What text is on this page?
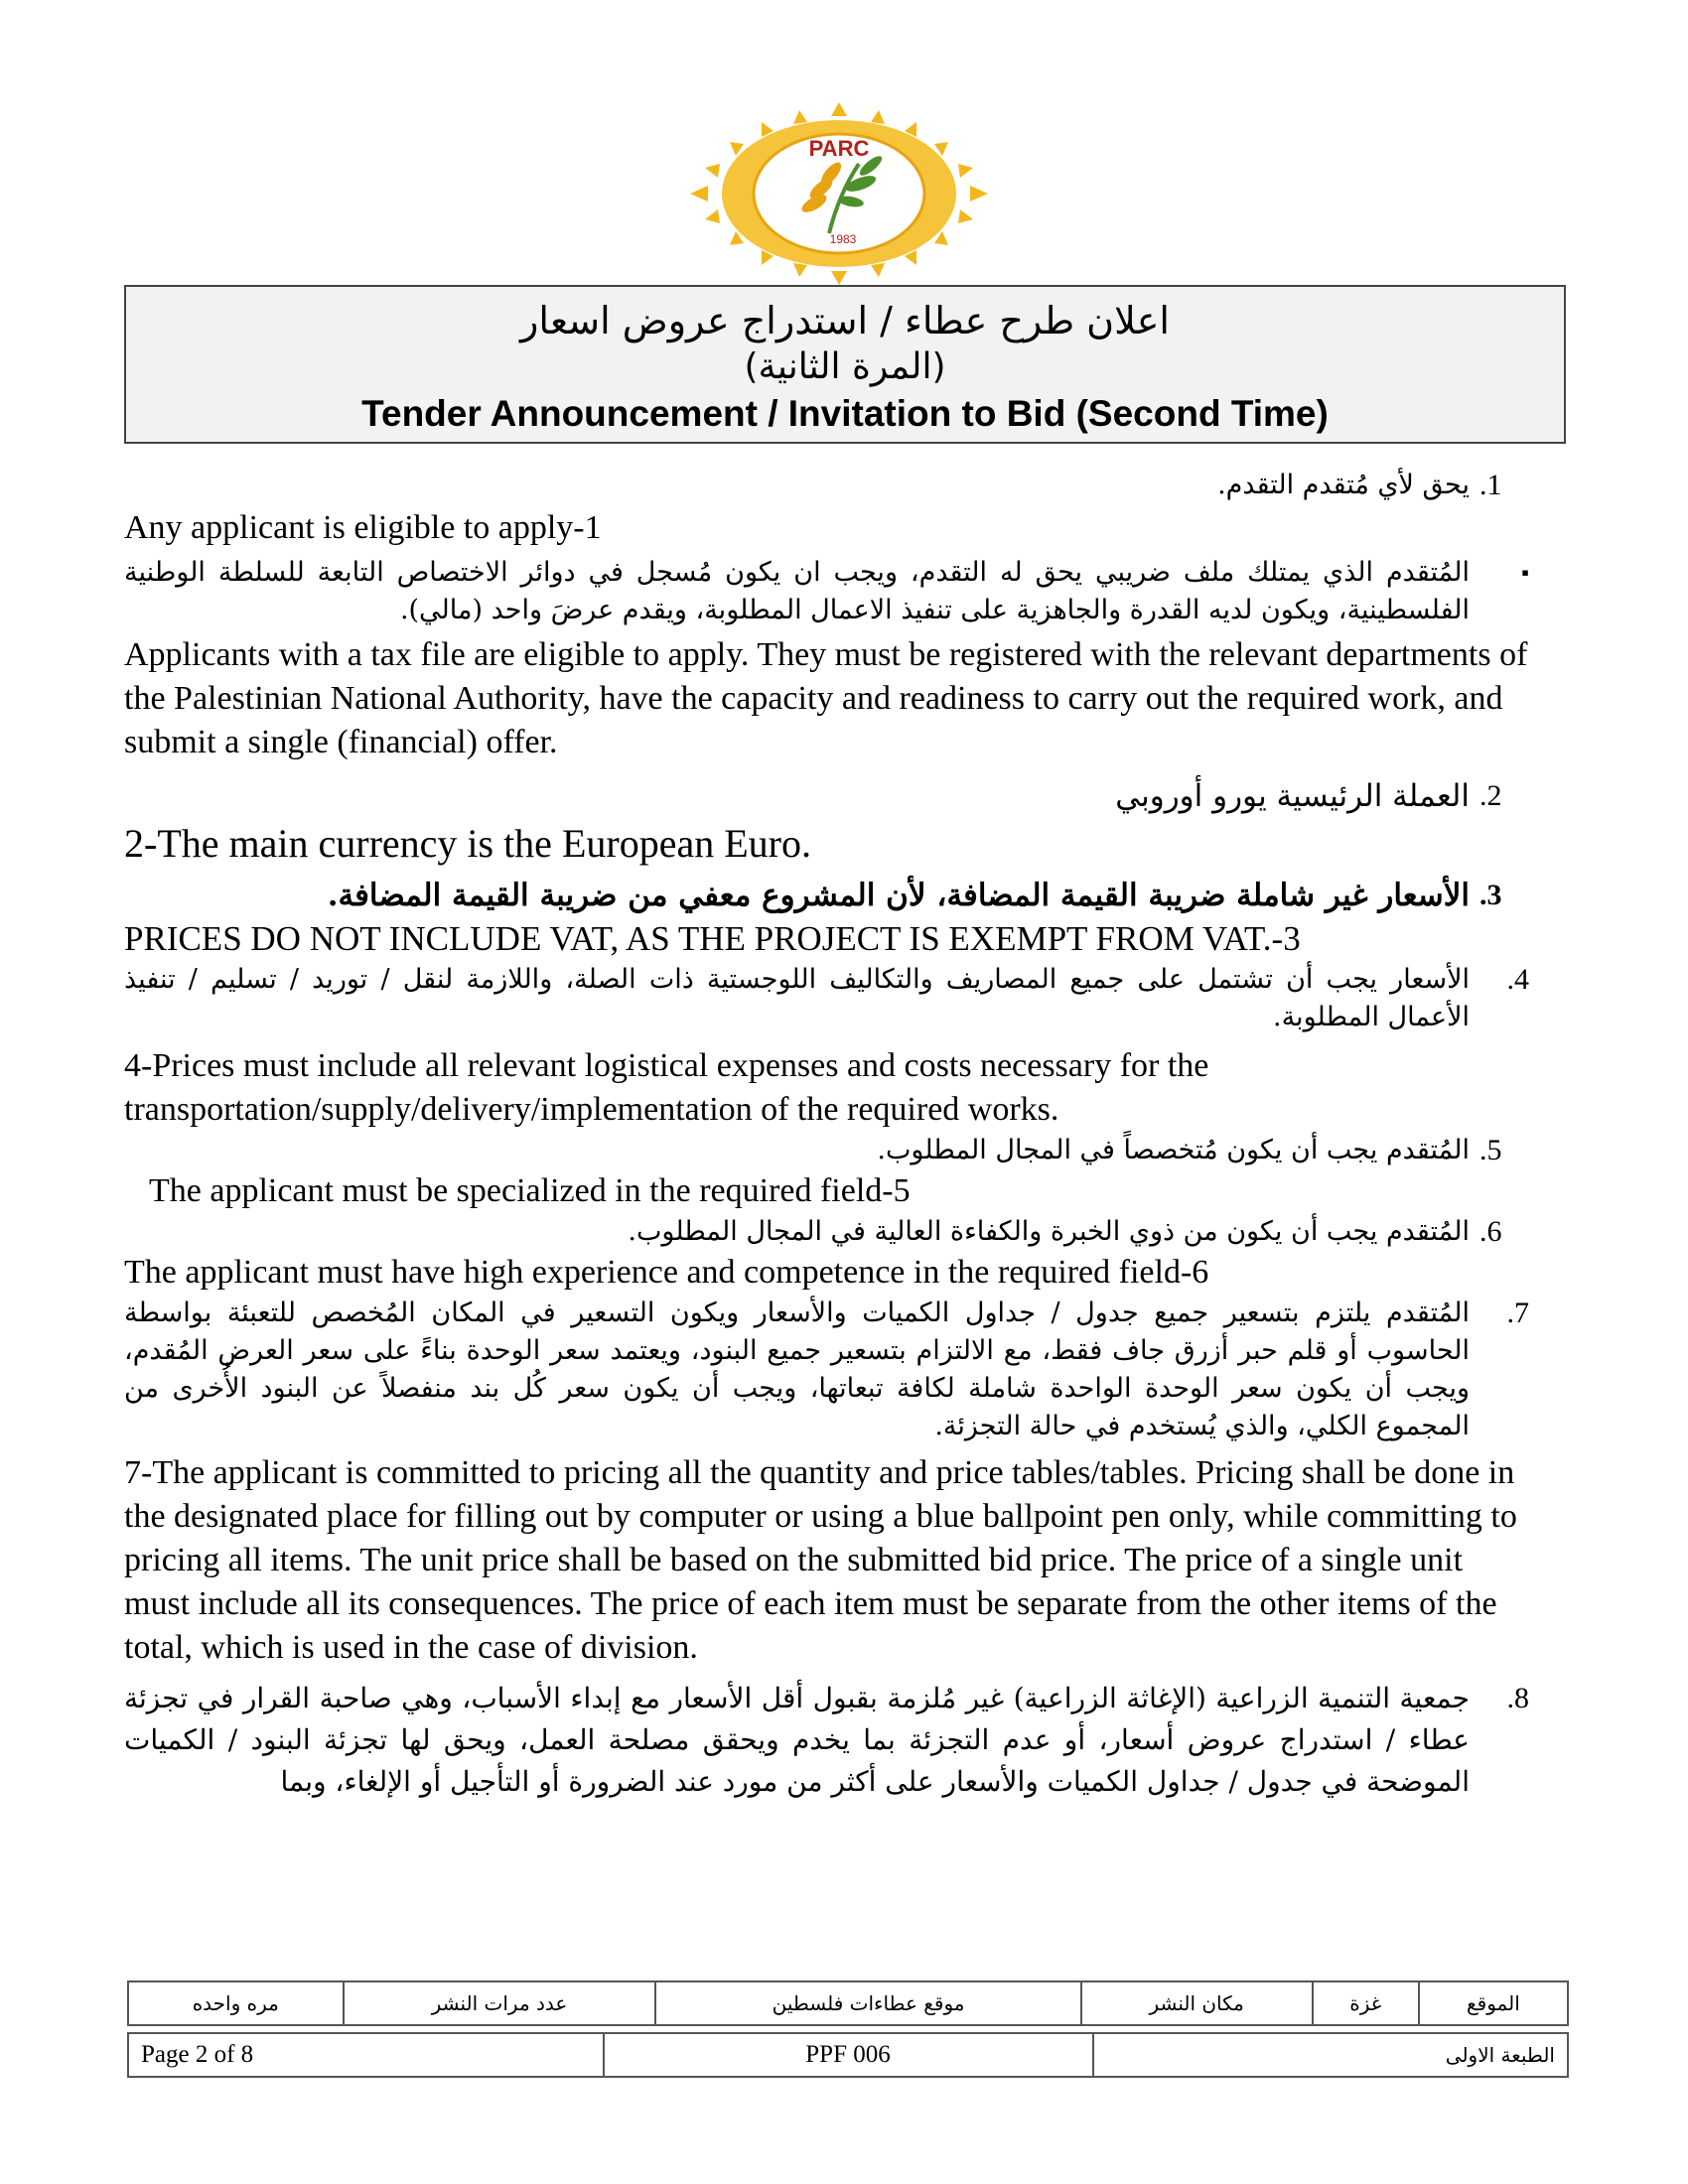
PARC
1983
اعلان طرح عطاء / استدراج عروض اسعار
(المرة الثانية)
Tender Announcement / Invitation to Bid (Second Time)
.1
يحق لأي مُتقدم التقدم.
Any applicant is eligible to apply-1
▪
المُتقدم الذي يمتلك ملف ضريبي يحق له التقدم، ويجب ان يكون مُسجل في دوائر الاختصاص التابعة للسلطة الوطنية الفلسطينية، ويكون لديه القدرة والجاهزية على تنفيذ الاعمال المطلوبة، ويقدم عرضَ واحد (مالي).
Applicants with a tax file are eligible to apply. They must be registered with the relevant departments of the Palestinian National Authority, have the capacity and readiness to carry out the required work, and submit a single (financial) offer.
.2
العملة الرئيسية يورو أوروبي
2-The main currency is the European Euro.
.3
الأسعار غير شاملة ضريبة القيمة المضافة، لأن المشروع معفي من ضريبة القيمة المضافة.
PRICES DO NOT INCLUDE VAT, AS THE PROJECT IS EXEMPT FROM VAT.-3
.4
الأسعار يجب أن تشتمل على جميع المصاريف والتكاليف اللوجستية ذات الصلة، واللازمة لنقل / توريد / تسليم / تنفيذ الأعمال المطلوبة.
4-Prices must include all relevant logistical expenses and costs necessary for the transportation/supply/delivery/implementation of the required works.
.5
المُتقدم يجب أن يكون مُتخصصاً في المجال المطلوب.
The applicant must be specialized in the required field-5
.6
المُتقدم يجب أن يكون من ذوي الخبرة والكفاءة العالية في المجال المطلوب.
The applicant must have high experience and competence in the required field-6
.7
المُتقدم يلتزم بتسعير جميع جدول / جداول الكميات والأسعار ويكون التسعير في المكان المُخصص للتعبئة بواسطة الحاسوب أو قلم حبر أزرق جاف فقط، مع الالتزام بتسعير جميع البنود، ويعتمد سعر الوحدة بناءً على سعر العرض المُقدم، ويجب أن يكون سعر الوحدة الواحدة شاملة لكافة تبعاتها، ويجب أن يكون سعر كُل بند منفصلاً عن البنود الأُخرى من المجموع الكلي، والذي يُستخدم في حالة التجزئة.
7-The applicant is committed to pricing all the quantity and price tables/tables. Pricing shall be done in the designated place for filling out by computer or using a blue ballpoint pen only, while committing to pricing all items. The unit price shall be based on the submitted bid price. The price of a single unit must include all its consequences. The price of each item must be separate from the other items of the total, which is used in the case of division.
.8
جمعية التنمية الزراعية (الإغاثة الزراعية) غير مُلزمة بقبول أقل الأسعار مع إبداء الأسباب، وهي صاحبة القرار في تجزئة عطاء / استدراج عروض أسعار، أو عدم التجزئة بما يخدم ويحقق مصلحة العمل، ويحق لها تجزئة البنود / الكميات الموضحة في جدول / جداول الكميات والأسعار على أكثر من مورد عند الضرورة أو التأجيل أو الإلغاء، وبما
الموقع	غزة	مكان النشر	موقع عطاءات فلسطين	عدد مرات النشر	مره واحده
Page 2 of 8	PPF 006	الطبعة الاولى
